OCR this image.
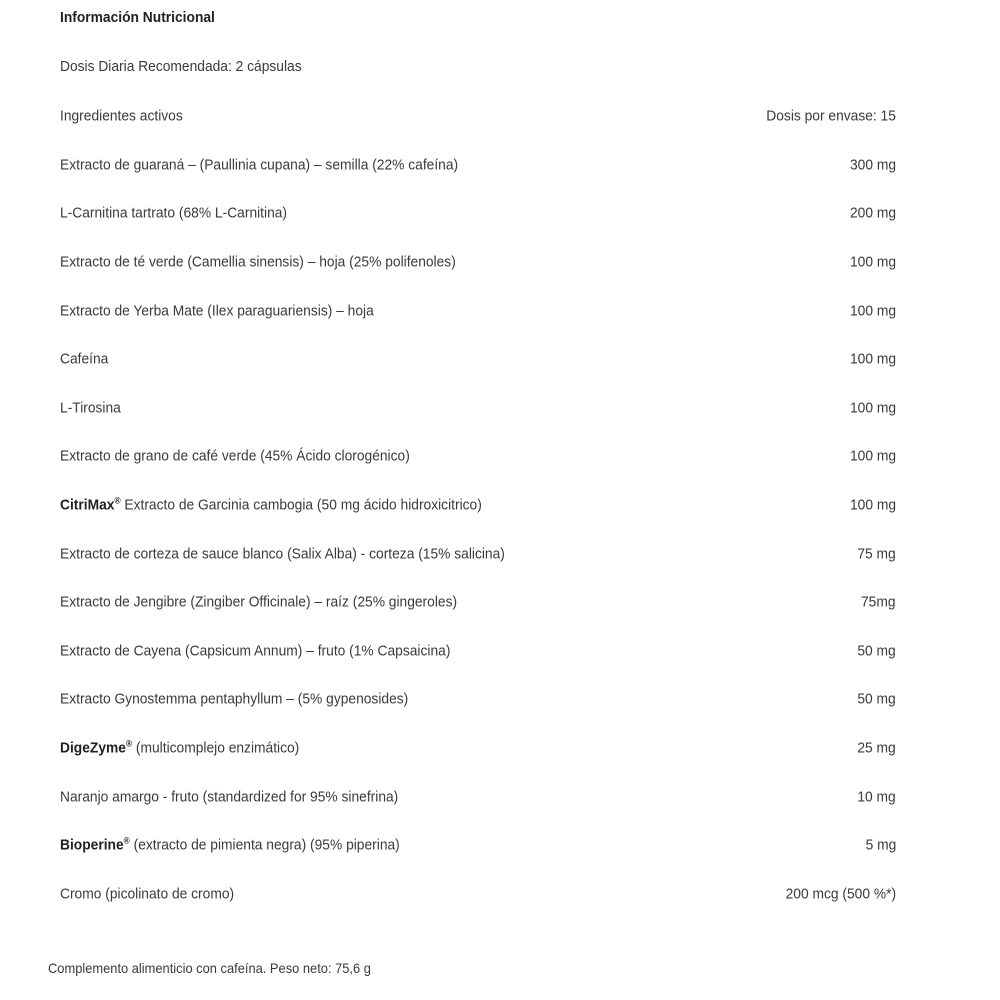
Información Nutricional
Dosis Diaria Recomendada: 2 cápsulas
Ingredientes activos	Dosis por envase: 15
Extracto de guaraná – (Paullinia cupana) – semilla (22% cafeína)	300 mg
L-Carnitina tartrato (68% L-Carnitina)	200 mg
Extracto de té verde (Camellia sinensis) – hoja (25% polifenoles)	100 mg
Extracto de Yerba Mate (Ilex paraguariensis) – hoja	100 mg
Cafeína	100 mg
L-Tirosina	100 mg
Extracto de grano de café verde (45% Ácido clorogénico)	100 mg
CitriMax® Extracto de Garcinia cambogia (50 mg ácido hidroxicitrico)	100 mg
Extracto de corteza de sauce blanco (Salix Alba) - corteza (15% salicina)	75 mg
Extracto de Jengibre (Zingiber Officinale) – raíz (25% gingeroles)	75mg
Extracto de Cayena (Capsicum Annum) – fruto (1% Capsaicina)	50 mg
Extracto Gynostemma pentaphyllum – (5% gypenosides)	50 mg
DigeZyme® (multicomplejo enzimático)	25 mg
Naranjo amargo - fruto (standardized for 95% sinefrina)	10 mg
Bioperine® (extracto de pimienta negra) (95% piperina)	5 mg
Cromo (picolinato de cromo)	200 mcg (500 %*)
Complemento alimenticio con cafeína. Peso neto: 75,6 g
